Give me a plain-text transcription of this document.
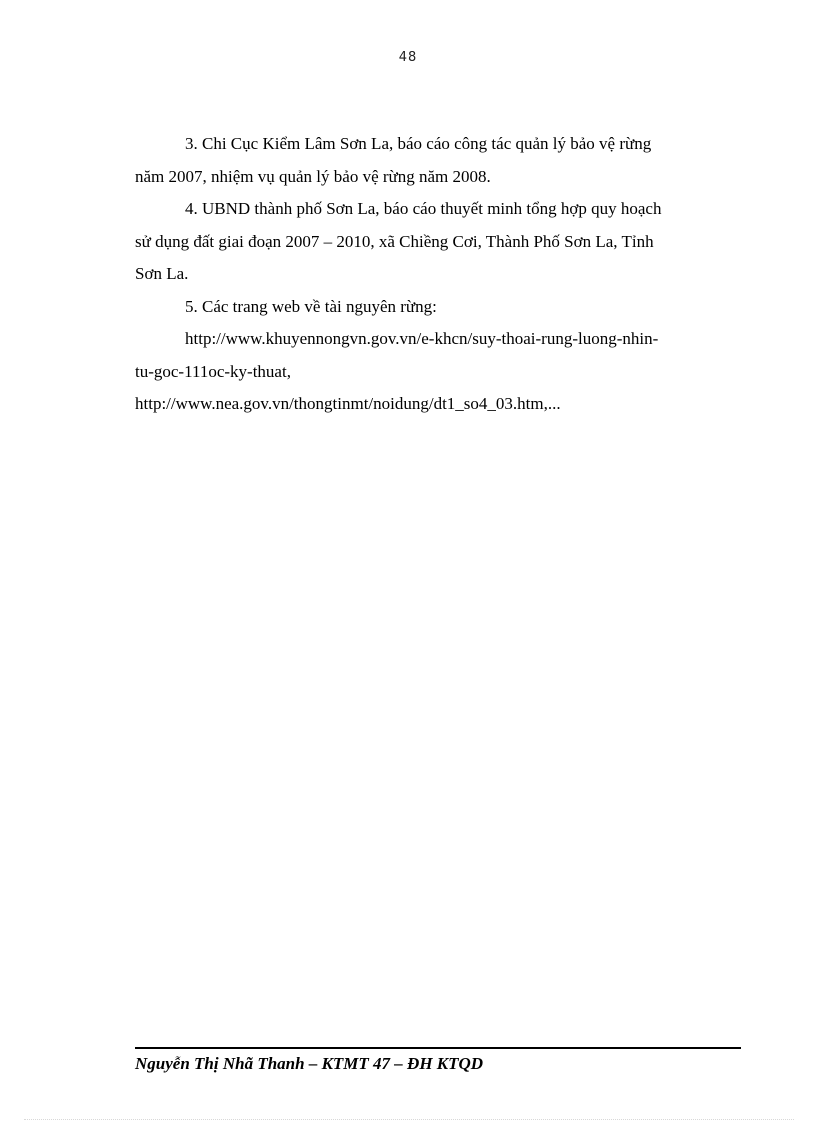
48

3. Chi Cục Kiểm Lâm Sơn La, báo cáo công tác quản lý bảo vệ rừng
năm 2007, nhiệm vụ quản lý bảo vệ rừng năm 2008.

4. UBND thành phố Sơn La, báo cáo thuyết minh tổng hợp quy hoạch
sử dụng đất giai đoạn 2007 – 2010, xã Chiềng Cơi, Thành Phố Sơn La, Tỉnh
Sơn La.

5. Các trang web về tài nguyên rừng:

http://www.khuyennongvn.gov.vn/e-khcn/suy-thoai-rung-luong-nhin-
tu-goc-111oc-ky-thuat,

http://www.nea.gov.vn/thongtinmt/noidung/dt1_so4_03.htm,...

Nguyễn Thị Nhã Thanh – KTMT 47 – ĐH KTQD
